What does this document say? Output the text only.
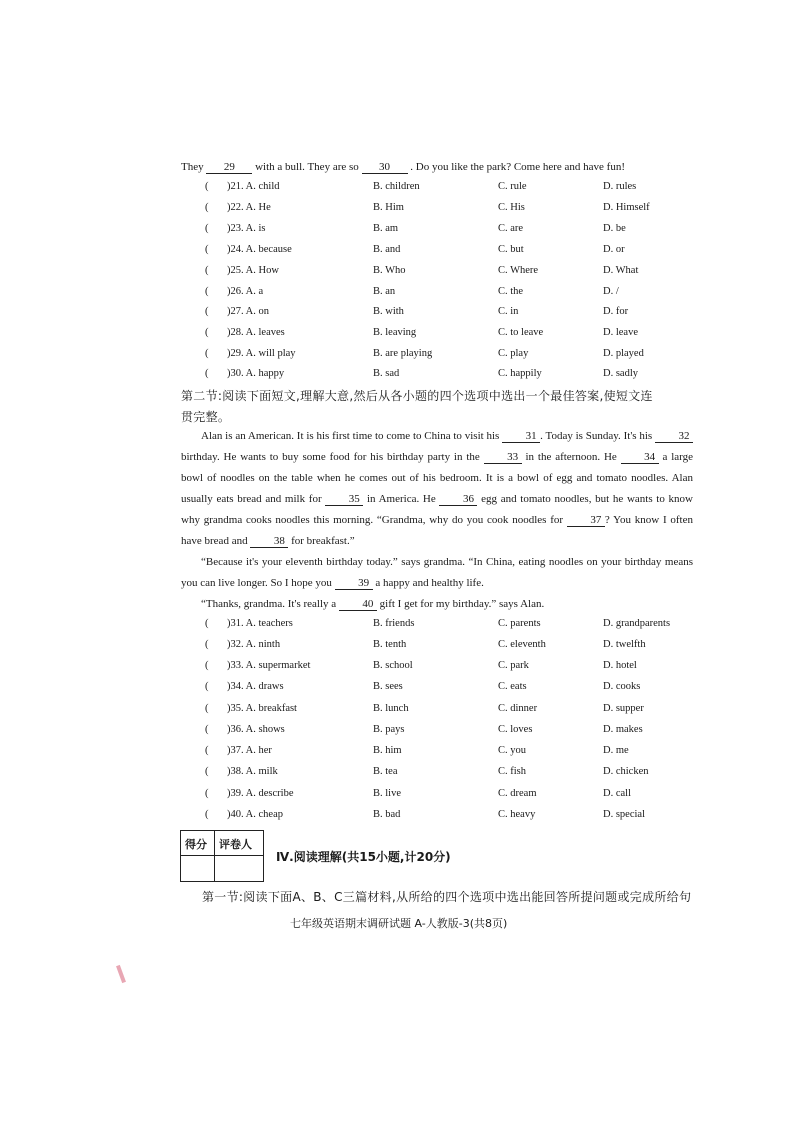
They 29 with a bull. They are so 30 . Do you like the park? Come here and have fun!
( )21. A. child	B. children	C. rule	D. rules
( )22. A. He	B. Him	C. His	D. Himself
( )23. A. is	B. am	C. are	D. be
( )24. A. because	B. and	C. but	D. or
( )25. A. How	B. Who	C. Where	D. What
( )26. A. a	B. an	C. the	D. /
( )27. A. on	B. with	C. in	D. for
( )28. A. leaves	B. leaving	C. to leave	D. leave
( )29. A. will play	B. are playing	C. play	D. played
( )30. A. happy	B. sad	C. happily	D. sadly
第二节:阅读下面短文,理解大意,然后从各小题的四个选项中选出一个最佳答案,使短文连
贯完整。
Alan is an American. It is his first time to come to China to visit his 31 . Today is Sunday. It's his 32 birthday. He wants to buy some food for his birthday party in the 33 in the afternoon. He 34 a large bowl of noodles on the table when he comes out of his bedroom. It is a bowl of egg and tomato noodles. Alan usually eats bread and milk for 35 in America. He 36 egg and tomato noodles, but he wants to know why grandma cooks noodles this morning. “Grandma, why do you cook noodles for 37 ? You know I often have bread and 38 for breakfast.”
“Because it's your eleventh birthday today.” says grandma. “In China, eating noodles on your birthday means you can live longer. So I hope you 39 a happy and healthy life.
“Thanks, grandma. It's really a 40 gift I get for my birthday.” says Alan.
( )31. A. teachers	B. friends	C. parents	D. grandparents
( )32. A. ninth	B. tenth	C. eleventh	D. twelfth
( )33. A. supermarket	B. school	C. park	D. hotel
( )34. A. draws	B. sees	C. eats	D. cooks
( )35. A. breakfast	B. lunch	C. dinner	D. supper
( )36. A. shows	B. pays	C. loves	D. makes
( )37. A. her	B. him	C. you	D. me
( )38. A. milk	B. tea	C. fish	D. chicken
( )39. A. describe	B. live	C. dream	D. call
( )40. A. cheap	B. bad	C. heavy	D. special
得分 评卷人
Ⅳ.阅读理解(共15小题,计20分)
第一节:阅读下面A、B、C三篇材料,从所给的四个选项中选出能回答所提问题或完成所给句
七年级英语期末调研试题 A-人教版-3(共8页)
